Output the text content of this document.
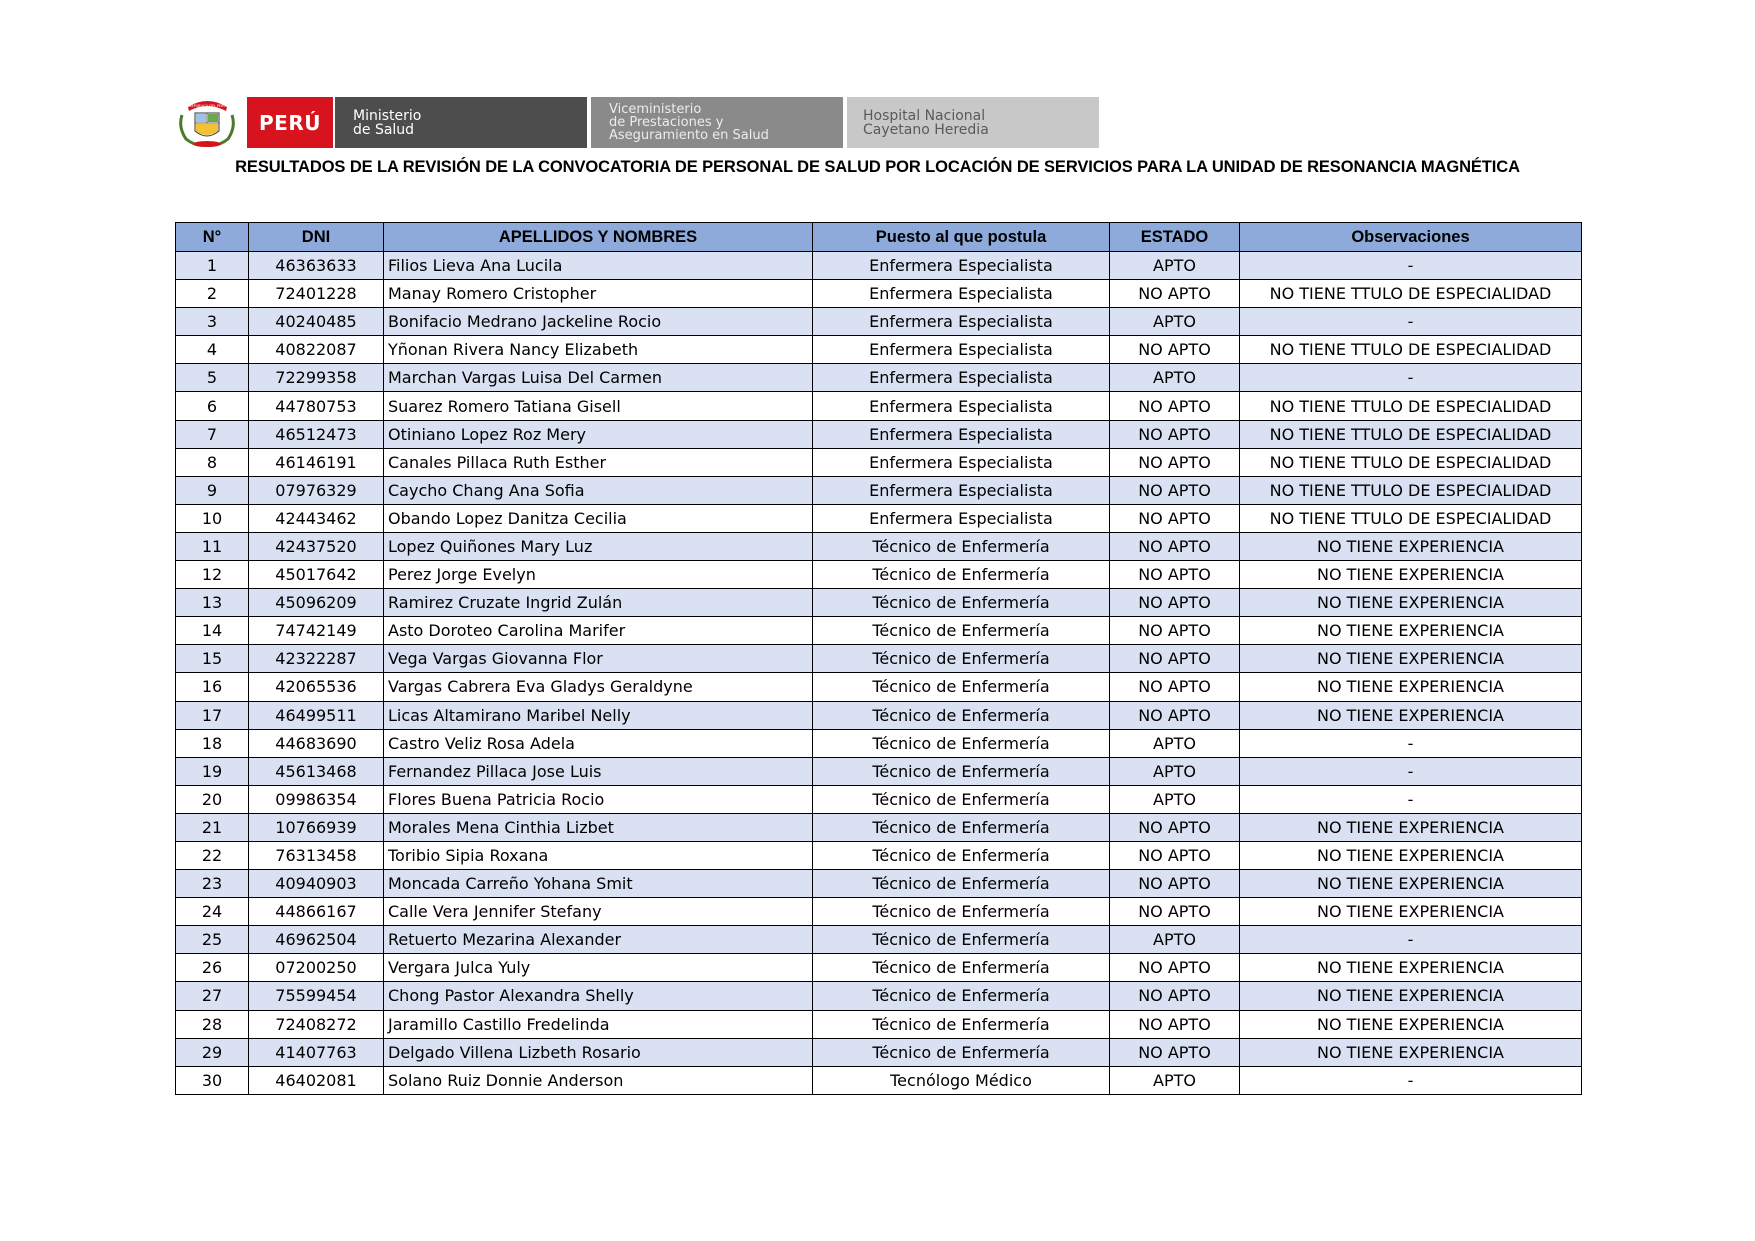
REPUBLICA DEL PERU
PERÚ	Ministerio
de Salud
Viceministerio
de Prestaciones y
Aseguramiento en Salud
Hospital Nacional
Cayetano Heredia
RESULTADOS DE LA REVISIÓN DE LA CONVOCATORIA DE PERSONAL DE SALUD POR LOCACIÓN DE SERVICIOS PARA LA UNIDAD DE RESONANCIA MAGNÉTICA
N°	DNI	APELLIDOS Y NOMBRES	Puesto al que postula	ESTADO	Observaciones
1	46363633	Filios Lieva Ana Lucila	Enfermera Especialista	APTO	-
2	72401228	Manay Romero Cristopher	Enfermera Especialista	NO APTO	NO TIENE TTULO DE ESPECIALIDAD
3	40240485	Bonifacio Medrano Jackeline Rocio	Enfermera Especialista	APTO	-
4	40822087	Yñonan Rivera Nancy Elizabeth	Enfermera Especialista	NO APTO	NO TIENE TTULO DE ESPECIALIDAD
5	72299358	Marchan Vargas Luisa Del Carmen	Enfermera Especialista	APTO	-
6	44780753	Suarez Romero Tatiana Gisell	Enfermera Especialista	NO APTO	NO TIENE TTULO DE ESPECIALIDAD
7	46512473	Otiniano Lopez Roz Mery	Enfermera Especialista	NO APTO	NO TIENE TTULO DE ESPECIALIDAD
8	46146191	Canales Pillaca Ruth Esther	Enfermera Especialista	NO APTO	NO TIENE TTULO DE ESPECIALIDAD
9	07976329	Caycho Chang Ana Sofia	Enfermera Especialista	NO APTO	NO TIENE TTULO DE ESPECIALIDAD
10	42443462	Obando Lopez Danitza Cecilia	Enfermera Especialista	NO APTO	NO TIENE TTULO DE ESPECIALIDAD
11	42437520	Lopez Quiñones Mary Luz	Técnico de Enfermería	NO APTO	NO TIENE EXPERIENCIA
12	45017642	Perez Jorge Evelyn	Técnico de Enfermería	NO APTO	NO TIENE EXPERIENCIA
13	45096209	Ramirez Cruzate Ingrid Zulán	Técnico de Enfermería	NO APTO	NO TIENE EXPERIENCIA
14	74742149	Asto Doroteo Carolina Marifer	Técnico de Enfermería	NO APTO	NO TIENE EXPERIENCIA
15	42322287	Vega Vargas Giovanna Flor	Técnico de Enfermería	NO APTO	NO TIENE EXPERIENCIA
16	42065536	Vargas Cabrera Eva Gladys Geraldyne	Técnico de Enfermería	NO APTO	NO TIENE EXPERIENCIA
17	46499511	Licas Altamirano Maribel Nelly	Técnico de Enfermería	NO APTO	NO TIENE EXPERIENCIA
18	44683690	Castro Veliz Rosa Adela	Técnico de Enfermería	APTO	-
19	45613468	Fernandez Pillaca Jose Luis	Técnico de Enfermería	APTO	-
20	09986354	Flores Buena Patricia Rocio	Técnico de Enfermería	APTO	-
21	10766939	Morales Mena Cinthia Lizbet	Técnico de Enfermería	NO APTO	NO TIENE EXPERIENCIA
22	76313458	Toribio Sipia Roxana	Técnico de Enfermería	NO APTO	NO TIENE EXPERIENCIA
23	40940903	Moncada Carreño Yohana Smit	Técnico de Enfermería	NO APTO	NO TIENE EXPERIENCIA
24	44866167	Calle Vera Jennifer Stefany	Técnico de Enfermería	NO APTO	NO TIENE EXPERIENCIA
25	46962504	Retuerto Mezarina Alexander	Técnico de Enfermería	APTO	-
26	07200250	Vergara Julca Yuly	Técnico de Enfermería	NO APTO	NO TIENE EXPERIENCIA
27	75599454	Chong Pastor Alexandra Shelly	Técnico de Enfermería	NO APTO	NO TIENE EXPERIENCIA
28	72408272	Jaramillo Castillo Fredelinda	Técnico de Enfermería	NO APTO	NO TIENE EXPERIENCIA
29	41407763	Delgado Villena Lizbeth Rosario	Técnico de Enfermería	NO APTO	NO TIENE EXPERIENCIA
30	46402081	Solano Ruiz Donnie Anderson	Tecnólogo Médico	APTO	-
